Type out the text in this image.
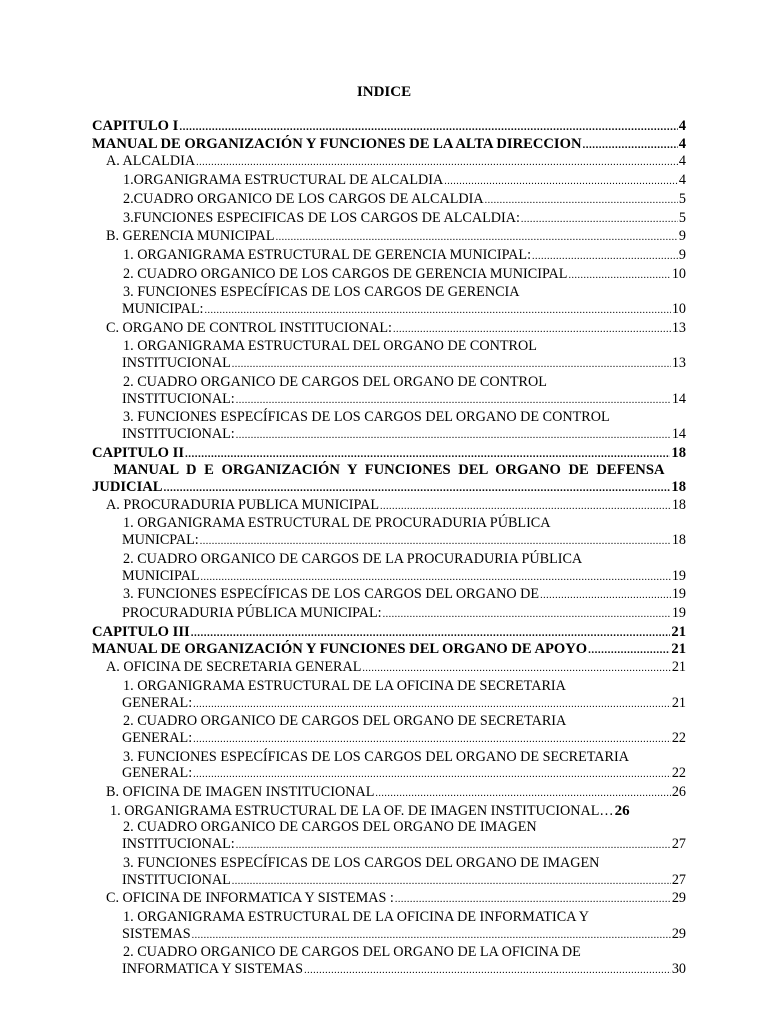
INDICE
CAPITULO I .....	4
MANUAL DE ORGANIZACIÓN Y FUNCIONES DE LA ALTA DIRECCION .....	4
A. ALCALDIA .....	4
1. ORGANIGRAMA ESTRUCTURAL DE ALCALDIA .....	4
2. CUADRO ORGANICO DE LOS CARGOS DE ALCALDIA .....	5
3. FUNCIONES ESPECIFICAS DE LOS CARGOS DE ALCALDIA: .....	5
B. GERENCIA MUNICIPAL .....	9
1. ORGANIGRAMA ESTRUCTURAL DE GERENCIA MUNICIPAL: .....	9
2. CUADRO ORGANICO DE LOS CARGOS DE GERENCIA MUNICIPAL .....	10
3. FUNCIONES ESPECÍFICAS DE LOS CARGOS DE GERENCIA
MUNICIPAL: .....	10
C. ORGANO DE CONTROL INSTITUCIONAL: .....	13
1. ORGANIGRAMA ESTRUCTURAL DEL ORGANO DE CONTROL
INSTITUCIONAL .....	13
2. CUADRO ORGANICO DE CARGOS DEL ORGANO DE CONTROL
INSTITUCIONAL: .....	14
3. FUNCIONES ESPECÍFICAS DE LOS CARGOS DEL ORGANO DE CONTROL
INSTITUCIONAL: .....	14
CAPITULO II .....	18
MANUAL D E ORGANIZACIÓN Y FUNCIONES DEL ORGANO DE DEFENSA
JUDICIAL .....	18
A. PROCURADURIA PUBLICA MUNICIPAL .....	18
1. ORGANIGRAMA ESTRUCTURAL DE PROCURADURIA PÚBLICA
MUNICPAL: .....	18
2. CUADRO ORGANICO DE CARGOS DE LA PROCURADURIA PÚBLICA
MUNICIPAL .....	19
3. FUNCIONES ESPECÍFICAS DE LOS CARGOS DEL ORGANO DE .....	19
PROCURADURIA PÚBLICA MUNICIPAL: .....	19
CAPITULO III .....	21
MANUAL DE ORGANIZACIÓN Y FUNCIONES DEL ORGANO DE APOYO .....	21
A. OFICINA DE SECRETARIA GENERAL .....	21
1. ORGANIGRAMA ESTRUCTURAL DE LA OFICINA DE SECRETARIA
GENERAL: .....	21
2. CUADRO ORGANICO DE CARGOS DEL ORGANO DE SECRETARIA
GENERAL: .....	22
3. FUNCIONES ESPECÍFICAS DE LOS CARGOS DEL ORGANO DE SECRETARIA
GENERAL: .....	22
B. OFICINA DE IMAGEN INSTITUCIONAL .....	26
1. ORGANIGRAMA ESTRUCTURAL DE LA OF. DE IMAGEN INSTITUCIONAL… 26
2. CUADRO ORGANICO DE CARGOS DEL ORGANO DE IMAGEN
INSTITUCIONAL: .....	27
3. FUNCIONES ESPECÍFICAS DE LOS CARGOS DEL ORGANO DE IMAGEN
INSTITUCIONAL .....	27
C. OFICINA DE INFORMATICA Y SISTEMAS : .....	29
1. ORGANIGRAMA ESTRUCTURAL DE LA OFICINA DE INFORMATICA Y
SISTEMAS .....	29
2. CUADRO ORGANICO DE CARGOS DEL ORGANO DE LA OFICINA DE
INFORMATICA Y SISTEMAS .....	30
